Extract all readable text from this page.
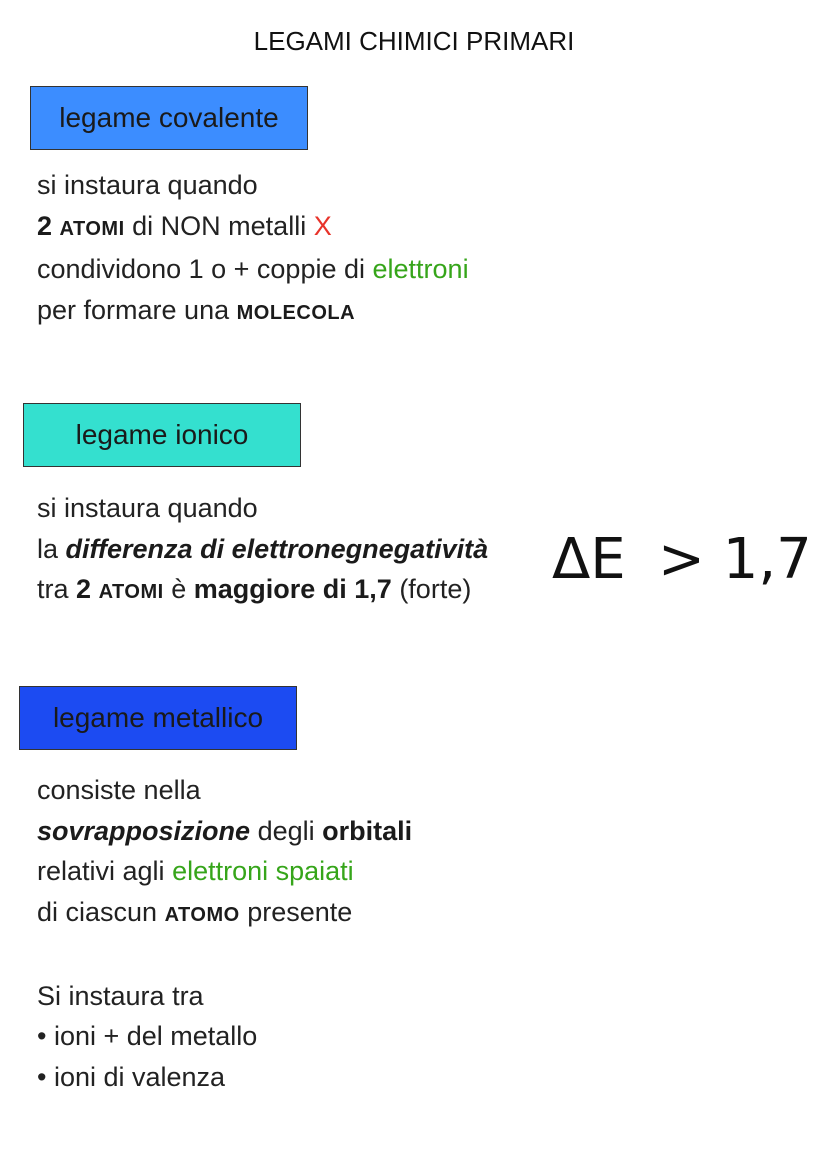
LEGAMI CHIMICI PRIMARI
legame covalente
si instaura quando
2 ATOMI di NON metalli X
condividono 1 o + coppie di elettroni
per formare una MOLECOLA
legame ionico
si instaura quando
la differenza di elettronegnegatività
tra 2 ATOMI è maggiore di 1,7 (forte) ΔE > 1,7
legame metallico
consiste nella
sovrapposizione degli orbitali
relativi agli elettroni spaiati
di ciascun ATOMO presente
Si instaura tra
• ioni + del metallo
• ioni di valenza
